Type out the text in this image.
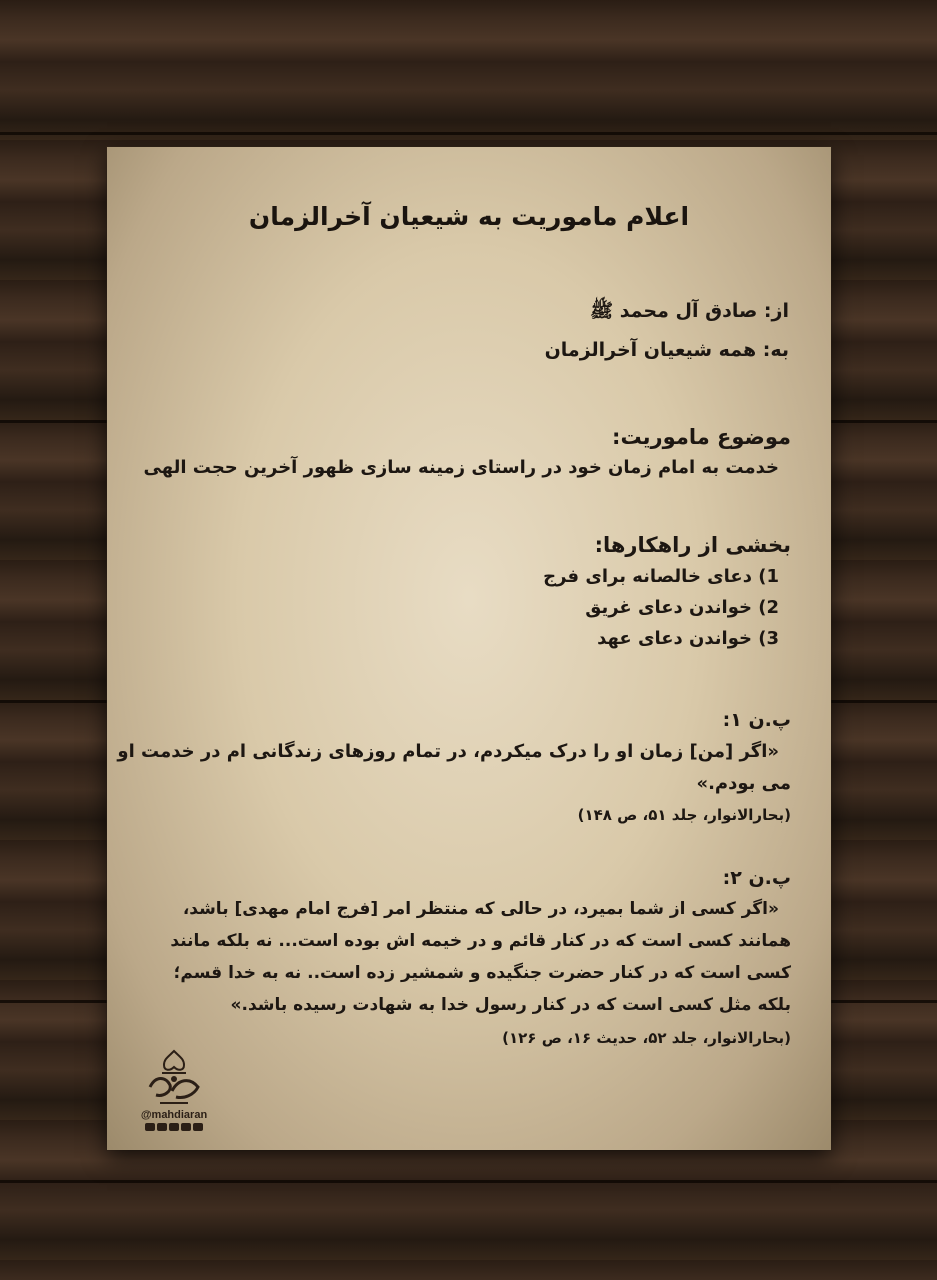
اعلام ماموریت به شیعیان آخرالزمان
از: صادق آل محمد ﷺ
به: همه شیعیان آخرالزمان
موضوع ماموریت:
خدمت به امام زمان خود در راستای زمینه سازی ظهور آخرین حجت الهی
بخشی از راهکارها:
1) دعای خالصانه برای فرج
2) خواندن دعای غریق
3) خواندن دعای عهد
پ.ن ۱:
«اگر [من] زمان او را درک میکردم، در تمام روزهای زندگانی ام در خدمت او
می بودم.»
(بحارالانوار، جلد ۵۱، ص ۱۴۸)
پ.ن ۲:
«اگر کسی از شما بمیرد، در حالی که منتظر امر [فرج امام مهدی] باشد،
همانند کسی است که در کنار قائم و در خیمه اش بوده است... نه بلکه مانند
کسی است که در کنار حضرت جنگیده و شمشیر زده است.. نه به خدا قسم؛
بلکه مثل کسی است که در کنار رسول خدا به شهادت رسیده باشد.»
(بحارالانوار، جلد ۵۲، حدیث ۱۶، ص ۱۲۶)
@mahdiaran
